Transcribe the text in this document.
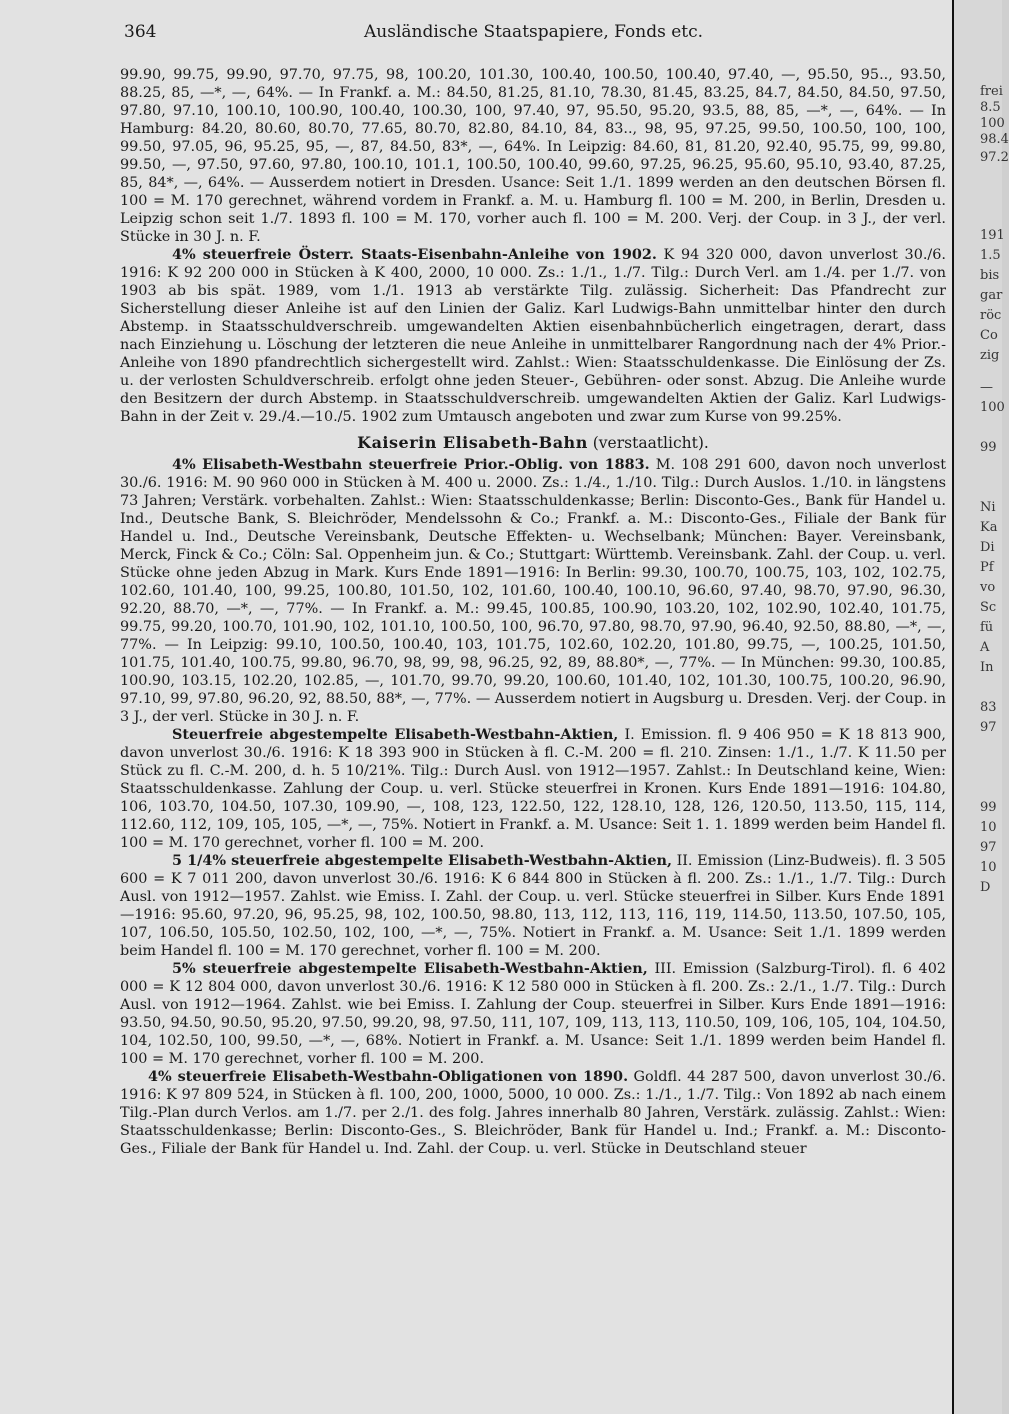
364	Ausländische Staatspapiere, Fonds etc.

99.90, 99.75, 99.90, 97.70, 97.75, 98, 100.20, 101.30, 100.40, 100.50, 100.40, 97.40, —, 95.50, 95.., 93.50, 88.25, 85, —*, —, 64%. — In Frankf. a. M.: 84.50, 81.25, 81.10, 78.30, 81.45, 83.25, 84.7, 84.50, 84.50, 97.50, 97.80, 97.10, 100.10, 100.90, 100.40, 100.30, 100, 97.40, 97, 95.50, 95.20, 93.5, 88, 85, —*, —, 64%. — In Hamburg: 84.20, 80.60, 80.70, 77.65, 80.70, 82.80, 84.10, 84, 83.., 98, 95, 97.25, 99.50, 100.50, 100, 100, 99.50, 97.05, 96, 95.25, 95, —, 87, 84.50, 83*, —, 64%. In Leipzig: 84.60, 81, 81.20, 92.40, 95.75, 99, 99.80, 99.50, —, 97.50, 97.60, 97.80, 100.10, 101.1, 100.50, 100.40, 99.60, 97.25, 96.25, 95.60, 95.10, 93.40, 87.25, 85, 84*, —, 64%. — Ausserdem notiert in Dresden. Usance: Seit 1./1. 1899 werden an den deutschen Börsen fl. 100 = M. 170 gerechnet, während vordem in Frankf. a. M. u. Hamburg fl. 100 = M. 200, in Berlin, Dresden u. Leipzig schon seit 1./7. 1893 fl. 100 = M. 170, vorher auch fl. 100 = M. 200. Verj. der Coup. in 3 J., der verl. Stücke in 30 J. n. F.

4% steuerfreie Österr. Staats-Eisenbahn-Anleihe von 1902. K 94 320 000, davon unverlost 30./6. 1916: K 92 200 000 in Stücken à K 400, 2000, 10 000. Zs.: 1./1., 1./7. Tilg.: Durch Verl. am 1./4. per 1./7. von 1903 ab bis spät. 1989, vom 1./1. 1913 ab verstärkte Tilg. zulässig. Sicherheit: Das Pfandrecht zur Sicherstellung dieser Anleihe ist auf den Linien der Galiz. Karl Ludwigs-Bahn unmittelbar hinter den durch Abstemp. in Staatsschuldverschreib. umgewandelten Aktien eisenbahnbücherlich eingetragen, derart, dass nach Einziehung u. Löschung der letzteren die neue Anleihe in unmittelbarer Rangordnung nach der 4% Prior.-Anleihe von 1890 pfandrechtlich sichergestellt wird. Zahlst.: Wien: Staatsschuldenkasse. Die Einlösung der Zs. u. der verlosten Schuldverschreib. erfolgt ohne jeden Steuer-, Gebühren- oder sonst. Abzug. Die Anleihe wurde den Besitzern der durch Abstemp. in Staatsschuldverschreib. umgewandelten Aktien der Galiz. Karl Ludwigs-Bahn in der Zeit v. 29./4.—10./5. 1902 zum Umtausch angeboten und zwar zum Kurse von 99.25%.

Kaiserin Elisabeth-Bahn (verstaatlicht).

4% Elisabeth-Westbahn steuerfreie Prior.-Oblig. von 1883. M. 108 291 600, davon noch unverlost 30./6. 1916: M. 90 960 000 in Stücken à M. 400 u. 2000. Zs.: 1./4., 1./10. Tilg.: Durch Auslos. 1./10. in längstens 73 Jahren; Verstärk. vorbehalten. Zahlst.: Wien: Staatsschuldenkasse; Berlin: Disconto-Ges., Bank für Handel u. Ind., Deutsche Bank, S. Bleichröder, Mendelssohn & Co.; Frankf. a. M.: Disconto-Ges., Filiale der Bank für Handel u. Ind., Deutsche Vereinsbank, Deutsche Effekten- u. Wechselbank; München: Bayer. Vereinsbank, Merck, Finck & Co.; Cöln: Sal. Oppenheim jun. & Co.; Stuttgart: Württemb. Vereinsbank. Zahl. der Coup. u. verl. Stücke ohne jeden Abzug in Mark. Kurs Ende 1891—1916: In Berlin: 99.30, 100.70, 100.75, 103, 102, 102.75, 102.60, 101.40, 100, 99.25, 100.80, 101.50, 102, 101.60, 100.40, 100.10, 96.60, 97.40, 98.70, 97.90, 96.30, 92.20, 88.70, —*, —, 77%. — In Frankf. a. M.: 99.45, 100.85, 100.90, 103.20, 102, 102.90, 102.40, 101.75, 99.75, 99.20, 100.70, 101.90, 102, 101.10, 100.50, 100, 96.70, 97.80, 98.70, 97.90, 96.40, 92.50, 88.80, —*, —, 77%. — In Leipzig: 99.10, 100.50, 100.40, 103, 101.75, 102.60, 102.20, 101.80, 99.75, —, 100.25, 101.50, 101.75, 101.40, 100.75, 99.80, 96.70, 98, 99, 98, 96.25, 92, 89, 88.80*, —, 77%. — In München: 99.30, 100.85, 100.90, 103.15, 102.20, 102.85, —, 101.70, 99.70, 99.20, 100.60, 101.40, 102, 101.30, 100.75, 100.20, 96.90, 97.10, 99, 97.80, 96.20, 92, 88.50, 88*, —, 77%. — Ausserdem notiert in Augsburg u. Dresden. Verj. der Coup. in 3 J., der verl. Stücke in 30 J. n. F.

Steuerfreie abgestempelte Elisabeth-Westbahn-Aktien, I. Emission. fl. 9 406 950 = K 18 813 900, davon unverlost 30./6. 1916: K 18 393 900 in Stücken à fl. C.-M. 200 = fl. 210. Zinsen: 1./1., 1./7. K 11.50 per Stück zu fl. C.-M. 200, d. h. 5 10/21%. Tilg.: Durch Ausl. von 1912—1957. Zahlst.: In Deutschland keine, Wien: Staatsschuldenkasse. Zahlung der Coup. u. verl. Stücke steuerfrei in Kronen. Kurs Ende 1891—1916: 104.80, 106, 103.70, 104.50, 107.30, 109.90, —, 108, 123, 122.50, 122, 128.10, 128, 126, 120.50, 113.50, 115, 114, 112.60, 112, 109, 105, 105, —*, —, 75%. Notiert in Frankf. a. M. Usance: Seit 1. 1. 1899 werden beim Handel fl. 100 = M. 170 gerechnet, vorher fl. 100 = M. 200.

5 1/4% steuerfreie abgestempelte Elisabeth-Westbahn-Aktien, II. Emission (Linz-Budweis). fl. 3 505 600 = K 7 011 200, davon unverlost 30./6. 1916: K 6 844 800 in Stücken à fl. 200. Zs.: 1./1., 1./7. Tilg.: Durch Ausl. von 1912—1957. Zahlst. wie Emiss. I. Zahl. der Coup. u. verl. Stücke steuerfrei in Silber. Kurs Ende 1891—1916: 95.60, 97.20, 96, 95.25, 98, 102, 100.50, 98.80, 113, 112, 113, 116, 119, 114.50, 113.50, 107.50, 105, 107, 106.50, 105.50, 102.50, 102, 100, —*, —, 75%. Notiert in Frankf. a. M. Usance: Seit 1./1. 1899 werden beim Handel fl. 100 = M. 170 gerechnet, vorher fl. 100 = M. 200.

5% steuerfreie abgestempelte Elisabeth-Westbahn-Aktien, III. Emission (Salzburg-Tirol). fl. 6 402 000 = K 12 804 000, davon unverlost 30./6. 1916: K 12 580 000 in Stücken à fl. 200. Zs.: 2./1., 1./7. Tilg.: Durch Ausl. von 1912—1964. Zahlst. wie bei Emiss. I. Zahlung der Coup. steuerfrei in Silber. Kurs Ende 1891—1916: 93.50, 94.50, 90.50, 95.20, 97.50, 99.20, 98, 97.50, 111, 107, 109, 113, 113, 110.50, 109, 106, 105, 104, 104.50, 104, 102.50, 100, 99.50, —*, —, 68%. Notiert in Frankf. a. M. Usance: Seit 1./1. 1899 werden beim Handel fl. 100 = M. 170 gerechnet, vorher fl. 100 = M. 200.

4% steuerfreie Elisabeth-Westbahn-Obligationen von 1890. Goldfl. 44 287 500, davon unverlost 30./6. 1916: K 97 809 524, in Stücken à fl. 100, 200, 1000, 5000, 10 000. Zs.: 1./1., 1./7. Tilg.: Von 1892 ab nach einem Tilg.-Plan durch Verlos. am 1./7. per 2./1. des folg. Jahres innerhalb 80 Jahren, Verstärk. zulässig. Zahlst.: Wien: Staatsschuldenkasse; Berlin: Disconto-Ges., S. Bleichröder, Bank für Handel u. Ind.; Frankf. a. M.: Disconto-Ges., Filiale der Bank für Handel u. Ind. Zahl. der Coup. u. verl. Stücke in Deutschland steuer

frei
8.5
100
98.4
97.2
191
1.5
bis
gar
röc
Co
zig
—
100
99
Ni
Ka
Di
Pf
vo
Sc
fü
A
In
83
97
99
10
97
10
D
